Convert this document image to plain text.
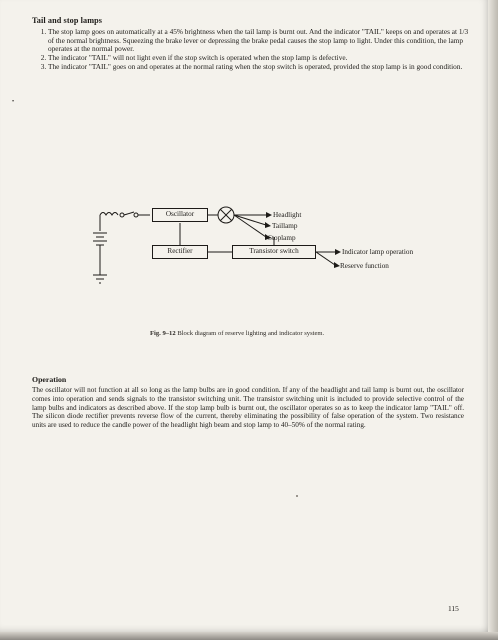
Tail and stop lamps
1. The stop lamp goes on automatically at a 45% brightness when the tail lamp is burnt out. And the indicator "TAIL" keeps on and operates at 1/3 of the normal brightness. Squeezing the brake lever or depressing the brake pedal causes the stop lamp to light. Under this condition, the lamp operates at the normal power.
2. The indicator "TAIL" will not light even if the stop switch is operated when the stop lamp is defective.
3. The indicator "TAIL" goes on and operates at the normal rating when the stop switch is operated, provided the stop lamp is in good condition.
•
Oscillator
Rectifier	Transistor switch
Headlight
Taillamp
Stoplamp
Indicator lamp operation
Reserve function
Fig. 9–12 Block diagram of reserve lighting and indicator system.
Operation

The oscillator will not function at all so long as the lamp bulbs are in good condition. If any of the headlight and tail lamp is burnt out, the oscillator comes into operation and sends signals to the transistor switching unit. The transistor switching unit is included to provide selective control of the lamp bulbs and indicators as described above. If the stop lamp bulb is burnt out, the oscillator operates so as to keep the indicator lamp "TAIL" off. The silicon diode rectifier prevents reverse flow of the current, thereby eliminating the possibility of false operation of the system. Two resistance units are used to reduce the candle power of the headlight high beam and stop lamp to 40–50% of the normal rating.

115
